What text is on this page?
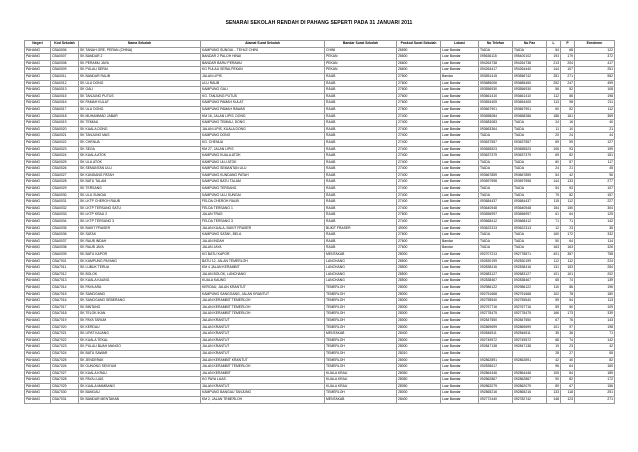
SENARAI SEKOLAH RENDAH DI PAHANG SEPERTI PADA 31 JANUARI 2011
Negeri	Kod Sekolah	Nama Sekolah	Alamat Surat Sekolah	Bandar Surat Sekolah	Poskod Surat Sekolah	Lokasi	No Telefon	No Fax	L	P	Enrolmen
PAHANG	CBA0006	SK TANAH GRE, PERAN (CHINA)	KAMPUNG SUNGAI... TEHLE CHINI	CHINI	26690	Luar Bandar	TIADA	TIADA	54	68	122
PAHANG	CBA0007	SK BANDAR 2	BANDAR 2 PALOH HINAI	PEKAN	26600	Luar Bandar	095636115	095400102	193	179	372
PAHANG	CBA0008	SK PERAMU JAYA	BANDAR BARU PERAMU	PEKAN	26600	Luar Bandar	094264738	094264738	213	204	417
PAHANG	CBA0009	SK PULAU SERAI	KG PULAU SERAI,PEKAN	PEKAN	26600	Luar Bandar	094264417	094264440	144	107	251
PAHANG	CBA0011	SK BANDAR RAUB	JALAN LIPIS	RAUB	27600	Bandar	093551415	093556742	281	271	552
PAHANG	CBA0012	SK ULU DONG	ULU RAUB	RAUB	27600	Luar Bandar	093685006	093685450	252	247	499
PAHANG	CBA0013	SK GALI	KAMPUNG GALI	RAUB	27600	Luar Bandar	093556930	093556930	56	52	108
PAHANG	CBA0015	SK TANJUNG PUTUS	KG. TANJUNG PUTUS	RAUB	27600	Luar Bandar	093661410	093661410	112	86	198
PAHANG	CBA0016	SK PAMAH KULAT	KAMPUNG PAMAH KULAT	RAUB	27600	Luar Bandar	093654405	093654405	113	98	211
PAHANG	CBA0017	SK ULU DONG	KAMPUNG PAMAH RAWAS	RAUB	27600	Luar Bandar	093667901	093667901	60	52	112
PAHANG	CBA0018	SK MUHAMMAD JABAR	KM 16, JALAN LIPIS, DONG	RAUB	27400	Luar Bandar	093658084	093658286	188	181	369
PAHANG	CBA0019	SK TEMIAU	KAMPUNG TEMIAU, DONG	RAUB	27400	Luar Bandar	093683083	TIADA	24	16	40
PAHANG	CBA0020	SK KUALA DONG	JALAN LIPIS, KUALA DONG	RAUB	27400	Luar Bandar	093663364	TIADA	11	10	21
PAHANG	CBA0021	SK TANJUNG MAS	KAMPUNG DONG	RAUB	27400	Luar Bandar	TIADA	TIADA	20	24	44
PAHANG	CBA0022	SK CHENUA	KG. CHENUA	RAUB	27400	Luar Bandar	093637557	093637557	69	59	127
PAHANG	CBA0023	SK SEGA	KM 27, JALAN LIPIS	RAUB	27400	Luar Bandar	093655523	093655523	106	93	199
PAHANG	CBA0024	SK KUALA ATOK	KAMPUNG KUALA ATOK	RAUB	27400	Luar Bandar	093637379	093637379	69	82	151
PAHANG	CBA0025	SK ULU ATOK	KAMPUNG ULU ATOK	RAUB	27400	Luar Bandar	TIADA	TIADA	60	57	117
PAHANG	CBA0026	SK SEMANTAN ULU	KAMPUNG SEMANTAN ULU	RAUB	27400	Luar Bandar	TIADA	TIADA	24	21	45
PAHANG	CBA0027	SK KUNDANG PATAH	KAMPUNG KUNDANG PATAH	RAUB	27400	Luar Bandar	093667859	093667859	54	42	96
PAHANG	CBA0028	SK BATU TALAM	KAMPUNG BATU TALAM	RAUB	27400	Luar Bandar	093697598	093697598	144	133	277
PAHANG	CBA0029	SK TERSANG	KAMPUNG TERSANG	RAUB	27400	Luar Bandar	TIADA	TIADA	54	53	107
PAHANG	CBA0030	SK ULU SUNGAI	KAMPUNG ULU SUNGAI	RAUB	27400	Luar Bandar	TIADA	TIADA	75	82	157
PAHANG	CBA0031	SK LKTP CHEROH RAUB	FELDA CHEROH RAUB	RAUB	27400	Luar Bandar	093684437	093684437	115	112	227
PAHANG	CBA0032	SK LKTP TERSANG SATU	FELDA TERSANG 1	RAUB	27400	Luar Bandar	093640548	093640548	154	150	304
PAHANG	CBA0033	SK LKTP KRAU 2	JALAN TRAS	RAUB	27600	Luar Bandar	093656997	093656997	61	64	125
PAHANG	CBA0034	SK LKTP TERSANG 3	FELDA TERSANG 3	RAUB	27400	Luar Bandar	093668412	093668412	71	71	142
PAHANG	CBA0035	SK BUKIT FRASER	JALAN KUALA, BUKIT FRASER	BUKIT FRASER	49000	Luar Bandar	093622313	093622313	12	23	35
PAHANG	CBA0036	SK SATAK	KAMPUNG SATAK, BELA	RAUB	27600	Luar Bandar	TIADA	TIADA	160	172	332
PAHANG	CBA0037	SK RAUB INDAH	JALAN INDAH	RAUB	27600	Bandar	TIADA	TIADA	50	64	114
PAHANG	CBA0038	SK RAUB JAYA	JALAN JAYA	RAUB	27600	Bandar	TIADA	TIADA	163	163	326
PAHANG	CBA0039	SK BATU KAPOR	KG BATU KAPOR	MENTAKAB	28000	Luar Bandar	092707213	092778871	401	357	758
PAHANG	CBA7001	SK KAMPUNG PAYANG	BATU 12, JALAN TEMERLOH	LANCHANG	28500	Luar Bandar	092830199	092830199	112	112	224
PAHANG	CBA7011	SK LUBUK TERUA	KM 4 JALAN KERAMBIT	LANCHANG	28500	Luar Bandar	092838416	092838416	131	153	284
PAHANG	CBA7012	SK BOLOK	JALAN BOLOK, LANCHANG	LANCHANG	28500	Luar Bandar	092683127	092683127	101	101	202
PAHANG	CBA7013	SK KUALA KAUNG	KUALA KAUNG	LANCHANG	28500	Luar Bandar	092838467	092838467	65	74	139
PAHANG	CBA7014	SK PAYA ARA	KEROAU, JALAN KRANTUT	TEMERLOH	28000	Luar Bandar	092986122	092986122	110	86	196
PAHANG	CBA7015	SK SANGGANG	KAMPUNG SANGGANG, JALAN KRANTUT	TEMERLOH	28000	Luar Bandar	092751668	092751668	102	78	180
PAHANG	CBA7016	SK SANGGANG SEBERANG	JALAN KERAMBIT TEMERLOH	TEMERLOH	28000	Luar Bandar	092755540	092755540	59	54	113
PAHANG	CBA7017	SK BINTANG	JALAN KERAMBIT TEMERLOH	TEMERLOH	28000	Luar Bandar	092767716	092767716	59	50	109
PAHANG	CBA7018	SK TELOK IKAN	JALAN KERAMBIT TEMERLOH	TEMERLOH	28000	Luar Bandar	092778475	092778475	166	173	339
PAHANG	CBA7019	SK PAYA TARUM	JALAN KRANTUT	TEMERLOH	28000	Luar Bandar	092847550	092847550	67	76	143
PAHANG	CBA7020	SK KERDAU	JALAN KRANTUT	TEMERLOH	28000	Luar Bandar	092869699	092869699	101	97	198
PAHANG	CBA7021	SK LIPAT KAJANG	JALAN KRANTUT	MENTAKAB	28400	Luar Bandar	092846511	092846511	35	36	71
PAHANG	CBA7022	SK KUALA TEKAL	JALAN KRANTUT	TEMERLOH	28000	Luar Bandar	092749572	092749572	68	74	142
PAHANG	CBA7023	SK PULAU BUAH MANGO	JALAN KRANTUT	TEMERLOH	28000	Luar Bandar	092847138	092847138	19	23	42
PAHANG	CBA7024	SK BATU SAWAR	JALAN KRANTUT	TEMERLOH	28010	Luar Bandar			28	27	55
PAHANG	CBA7025	SK JENDERAK	JALAN KERAMBIT KRANTUT	TEMERLOH	28000	Luar Bandar	092862891	092862891	42	40	82
PAHANG	CBA7026	SK GUNONG SENYUM	JALAN KERAMBIT TEMERLOH	TEMERLOH	28000	Luar Bandar	092835617		96	64	160
PAHANG	CBA7027	SK KUALA KRAU	JALAN KERAMBIT	KUALA KRAU	28050	Luar Bandar	092864446	092864446	105	84	189
PAHANG	CBA7028	SK PAYA LUAS	KG PAYA LUAS	KUALA KRAU	28050	Luar Bandar	092862867	092862867	90	82	172
PAHANG	CBA7029	SK KUALA MAMBANG	JALAN KRANTUT	KUALA KRAU	28050	Luar Bandar	092862079	092862079	89	67	156
PAHANG	CBA7030	SK BANGAU	KAMPUNG BANGAU TANJUNG	TEMERLOH	28000	Luar Bandar	092865216	092865216	133	118	251
PAHANG	CBA7031	SK BANDAR MENTAKAB	KM 2, JALAN TEMERLOH	MENTAKAB	28400	Luar Bandar	092772440	092782742	148	123	271
